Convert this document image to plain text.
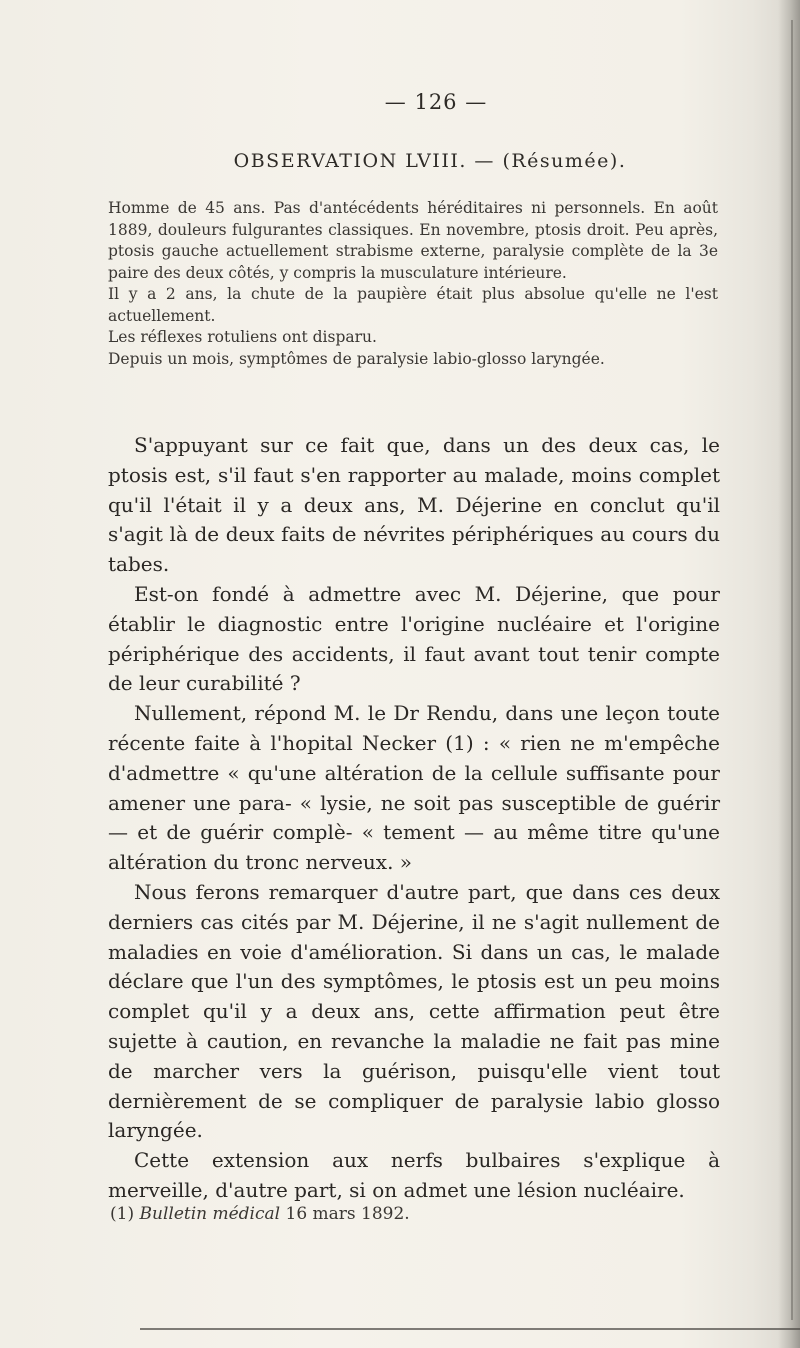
— 126 —
OBSERVATION LVIII. — (Résumée).

Homme de 45 ans. Pas d'antécédents héréditaires ni personnels. En août 1889, douleurs fulgurantes classiques. En novembre, ptosis droit. Peu après, ptosis gauche actuellement strabisme externe, paralysie complète de la 3e paire des deux côtés, y compris la musculature intérieure.

Il y a 2 ans, la chute de la paupière était plus absolue qu'elle ne l'est actuellement.

Les réflexes rotuliens ont disparu.

Depuis un mois, symptômes de paralysie labio-glosso laryngée.

S'appuyant sur ce fait que, dans un des deux cas, le ptosis est, s'il faut s'en rapporter au malade, moins complet qu'il l'était il y a deux ans, M. Déjerine en conclut qu'il s'agit là de deux faits de névrites périphériques au cours du tabes.

Est-on fondé à admettre avec M. Déjerine, que pour établir le diagnostic entre l'origine nucléaire et l'origine périphérique des accidents, il faut avant tout tenir compte de leur curabilité ?

Nullement, répond M. le Dr Rendu, dans une leçon toute récente faite à l'hopital Necker (1) : « rien ne m'empêche d'admettre « qu'une altération de la cellule suffisante pour amener une para- « lysie, ne soit pas susceptible de guérir — et de guérir complè- « tement — au même titre qu'une altération du tronc nerveux. »

Nous ferons remarquer d'autre part, que dans ces deux derniers cas cités par M. Déjerine, il ne s'agit nullement de maladies en voie d'amélioration. Si dans un cas, le malade déclare que l'un des symptômes, le ptosis est un peu moins complet qu'il y a deux ans, cette affirmation peut être sujette à caution, en revanche la maladie ne fait pas mine de marcher vers la guérison, puisqu'elle vient tout dernièrement de se compliquer de paralysie labio glosso laryngée.

Cette extension aux nerfs bulbaires s'explique à merveille, d'autre part, si on admet une lésion nucléaire.

(1) Bulletin médical 16 mars 1892.
